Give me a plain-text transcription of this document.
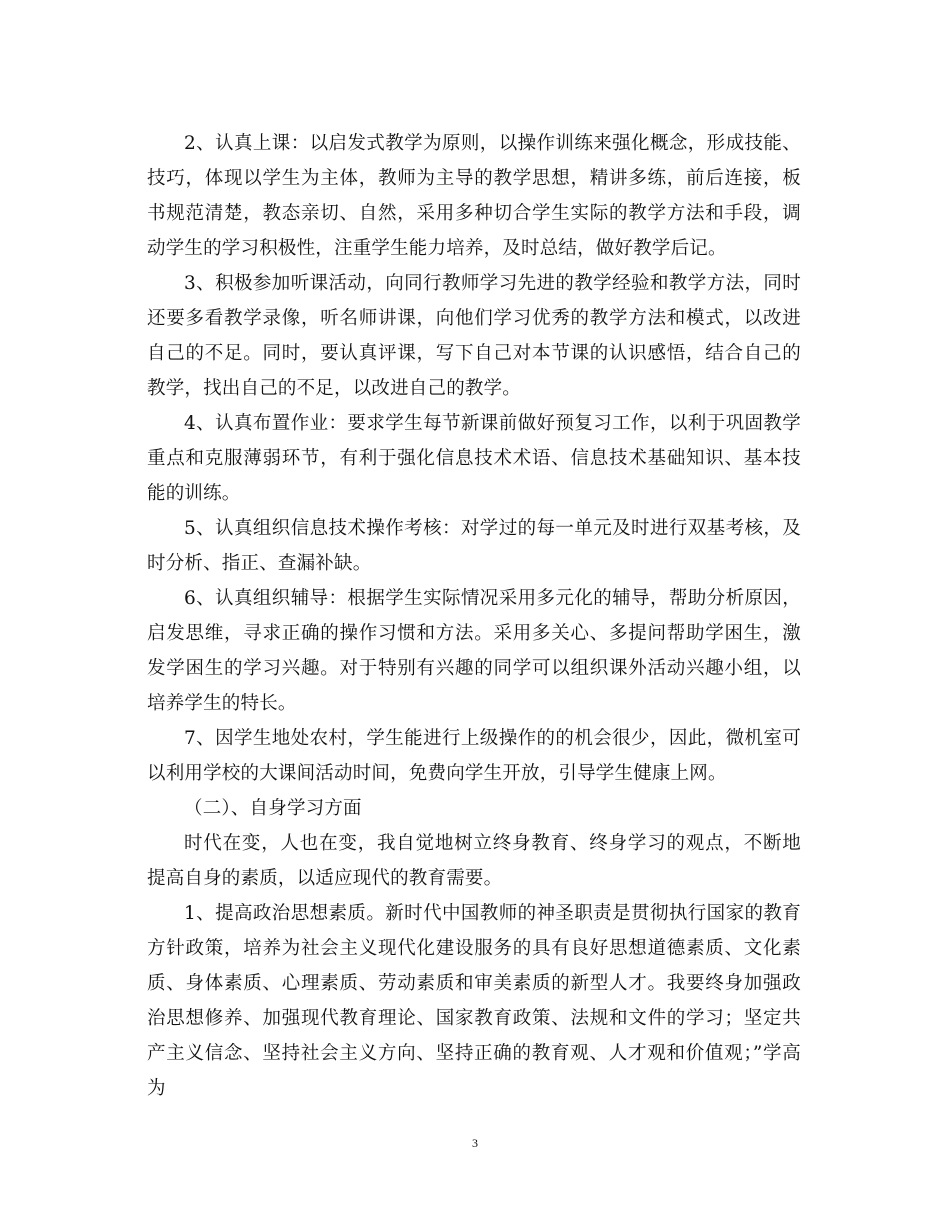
2、认真上课：以启发式教学为原则，以操作训练来强化概念，形成技能、技巧，体现以学生为主体，教师为主导的教学思想，精讲多练，前后连接，板书规范清楚，教态亲切、自然，采用多种切合学生实际的教学方法和手段，调动学生的学习积极性，注重学生能力培养，及时总结，做好教学后记。

3、积极参加听课活动，向同行教师学习先进的教学经验和教学方法，同时还要多看教学录像，听名师讲课，向他们学习优秀的教学方法和模式，以改进自己的不足。同时，要认真评课，写下自己对本节课的认识感悟，结合自己的教学，找出自己的不足，以改进自己的教学。

4、认真布置作业：要求学生每节新课前做好预复习工作，以利于巩固教学重点和克服薄弱环节，有利于强化信息技术术语、信息技术基础知识、基本技能的训练。

5、认真组织信息技术操作考核：对学过的每一单元及时进行双基考核，及时分析、指正、查漏补缺。

6、认真组织辅导：根据学生实际情况采用多元化的辅导，帮助分析原因，启发思维，寻求正确的操作习惯和方法。采用多关心、多提问帮助学困生，激发学困生的学习兴趣。对于特别有兴趣的同学可以组织课外活动兴趣小组，以培养学生的特长。

7、因学生地处农村，学生能进行上级操作的的机会很少，因此，微机室可以利用学校的大课间活动时间，免费向学生开放，引导学生健康上网。

（二）、自身学习方面

时代在变，人也在变，我自觉地树立终身教育、终身学习的观点，不断地提高自身的素质，以适应现代的教育需要。

1、提高政治思想素质。新时代中国教师的神圣职责是贯彻执行国家的教育方针政策，培养为社会主义现代化建设服务的具有良好思想道德素质、文化素质、身体素质、心理素质、劳动素质和审美素质的新型人才。我要终身加强政治思想修养、加强现代教育理论、国家教育政策、法规和文件的学习；坚定共产主义信念、坚持社会主义方向、坚持正确的教育观、人才观和价值观；”学高为

3
